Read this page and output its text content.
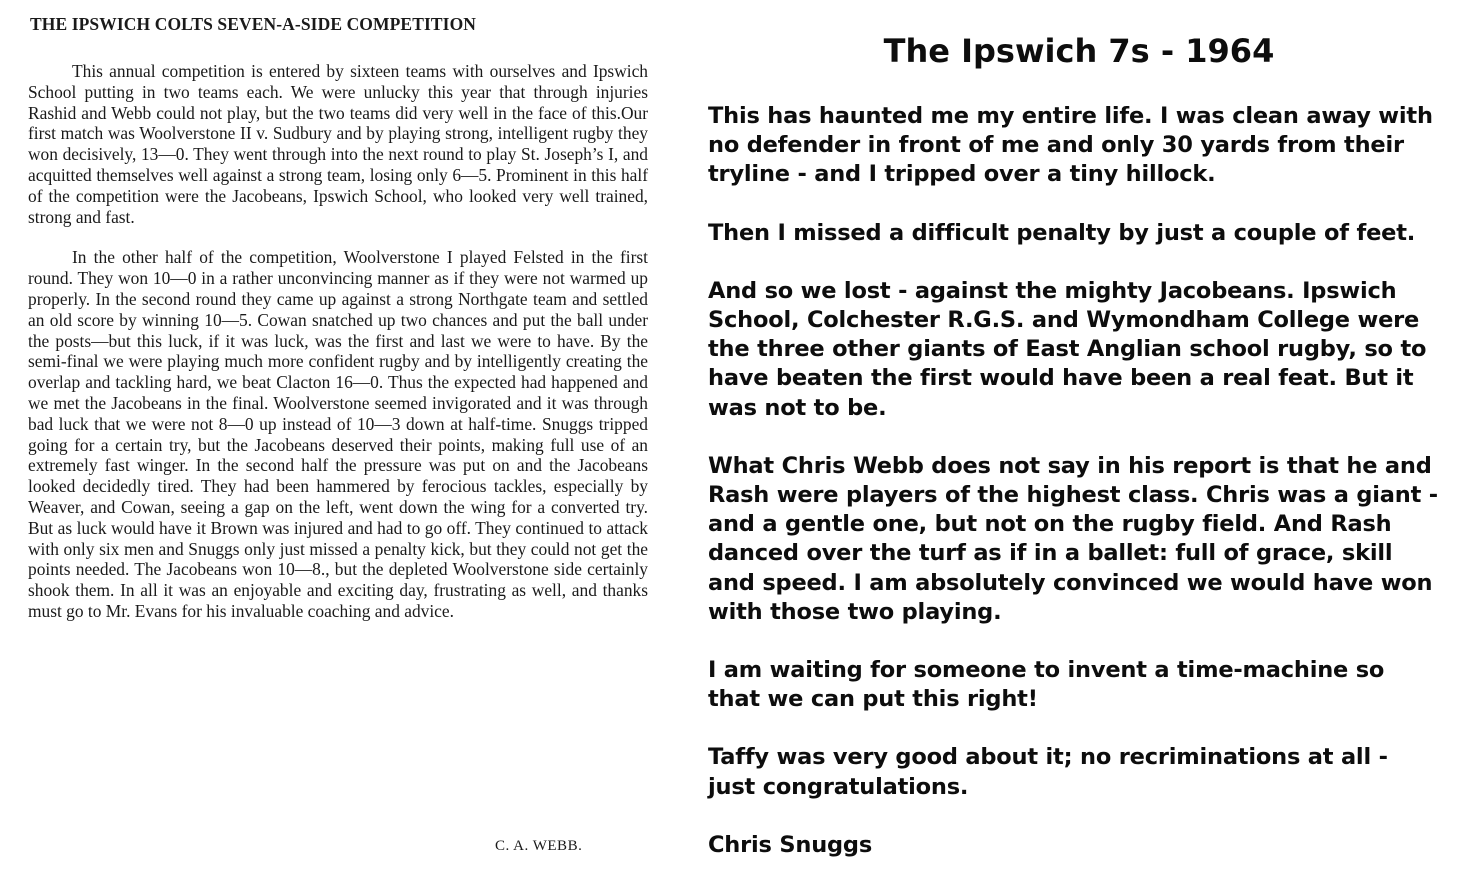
THE IPSWICH COLTS SEVEN-A-SIDE COMPETITION

This annual competition is entered by sixteen teams with ourselves and Ipswich School putting in two teams each. We were unlucky this year that through injuries Rashid and Webb could not play, but the two teams did very well in the face of this.Our first match was Woolverstone II v. Sudbury and by playing strong, intelligent rugby they won decisively, 13—0. They went through into the next round to play St. Joseph’s I, and acquitted themselves well against a strong team, losing only 6—5. Prominent in this half of the competition were the Jacobeans, Ipswich School, who looked very well trained, strong and fast.

In the other half of the competition, Woolverstone I played Felsted in the first round. They won 10—0 in a rather unconvincing manner as if they were not warmed up properly. In the second round they came up against a strong Northgate team and settled an old score by winning 10—5. Cowan snatched up two chances and put the ball under the posts—but this luck, if it was luck, was the first and last we were to have. By the semi-final we were playing much more confident rugby and by intelligently creating the overlap and tackling hard, we beat Clacton 16—0. Thus the expected had happened and we met the Jacobeans in the final. Woolverstone seemed invigorated and it was through bad luck that we were not 8—0 up instead of 10—3 down at half-time. Snuggs tripped going for a certain try, but the Jacobeans deserved their points, making full use of an extremely fast winger. In the second half the pressure was put on and the Jacobeans looked decidedly tired. They had been hammered by ferocious tackles, especially by Weaver, and Cowan, seeing a gap on the left, went down the wing for a converted try. But as luck would have it Brown was injured and had to go off. They continued to attack with only six men and Snuggs only just missed a penalty kick, but they could not get the points needed. The Jacobeans won 10—8., but the depleted Woolverstone side certainly shook them. In all it was an enjoyable and exciting day, frustrating as well, and thanks must go to Mr. Evans for his invaluable coaching and advice.

C. A. WEBB.
The Ipswich 7s - 1964

This has haunted me my entire life. I was clean away with no defender in front of me and only 30 yards from their tryline - and I tripped over a tiny hillock.

Then I missed a difficult penalty by just a couple of feet.

And so we lost - against the mighty Jacobeans. Ipswich School, Colchester R.G.S. and Wymondham College were the three other giants of East Anglian school rugby, so to have beaten the first would have been a real feat. But it was not to be.

What Chris Webb does not say in his report is that he and Rash were players of the highest class. Chris was a giant - and a gentle one, but not on the rugby field. And Rash danced over the turf as if in a ballet: full of grace, skill and speed. I am absolutely convinced we would have won with those two playing.

I am waiting for someone to invent a time-machine so that we can put this right!

Taffy was very good about it; no recriminations at all - just congratulations.

Chris Snuggs
